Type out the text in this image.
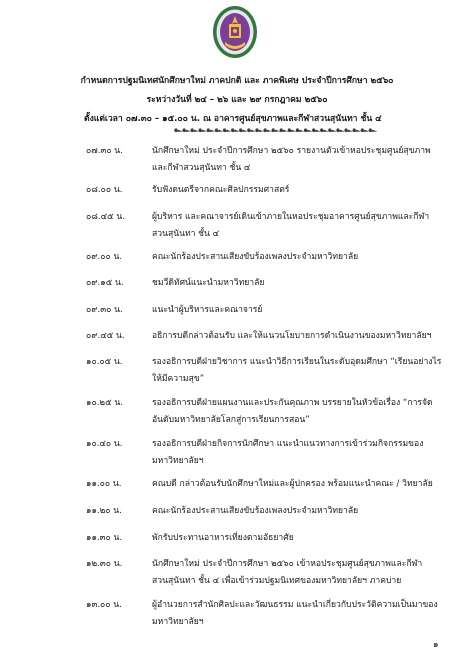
กำหนดการปฐมนิเทศนักศึกษาใหม่ ภาคปกติ และ ภาคพิเศษ ประจำปีการศึกษา ๒๕๖๐
ระหว่างวันที่ ๒๔ – ๒๖ และ ๒๙ กรกฎาคม ๒๕๖๐
ตั้งแต่เวลา ๐๗.๓๐ – ๑๕.๐๐ น. ณ อาคารศูนย์สุขภาพและกีฬาสวนสุนันทา ชั้น ๔
๛๛๛๛๛๛๛๛๛๛๛๛๛๛๛๛๛๛๛๛๛๛๛๛๛
๐๗.๓๐ น.	นักศึกษาใหม่ ประจำปีการศึกษา ๒๕๖๐ รายงานตัวเข้าหอประชุมศูนย์สุขภาพ
และกีฬาสวนสุนันทา ชั้น ๔
๐๘.๐๐ น.	รับฟังดนตรีจากคณะศิลปกรรมศาสตร์
๐๘.๔๕ น.	ผู้บริหาร และคณาจารย์เดินเข้าภายในหอประชุมอาคารศูนย์สุขภาพและกีฬา
สวนสุนันทา ชั้น ๔
๐๙.๐๐ น.	คณะนักร้องประสานเสียงขับร้องเพลงประจำมหาวิทยาลัย
๐๙.๑๕ น.	ชมวีดิทัศน์แนะนำมหาวิทยาลัย
๐๙.๓๐ น.	แนะนำผู้บริหารและคณาจารย์
๐๙.๔๕ น.	อธิการบดีกล่าวต้อนรับ และให้แนวนโยบายการดำเนินงานของมหาวิทยาลัยฯ
๑๐.๐๕ น.	รองอธิการบดีฝ่ายวิชาการ แนะนำวิธีการเรียนในระดับอุดมศึกษา “เรียนอย่างไร
ให้มีความสุข”
๑๐.๒๕ น.	รองอธิการบดีฝ่ายแผนงานและประกันคุณภาพ บรรยายในหัวข้อเรื่อง “การจัด
อันดับมหาวิทยาลัยโลกสู่การเรียนการสอน”
๑๐.๔๐ น.	รองอธิการบดีฝ่ายกิจการนักศึกษา แนะนำแนวทางการเข้าร่วมกิจกรรมของ
มหาวิทยาลัยฯ
๑๑.๐๐ น.	คณบดี กล่าวต้อนรับนักศึกษาใหม่และผู้ปกครอง พร้อมแนะนำคณะ / วิทยาลัย
๑๑.๒๐ น.	คณะนักร้องประสานเสียงขับร้องเพลงประจำมหาวิทยาลัย
๑๑.๓๐ น.	พักรับประทานอาหารเที่ยงตามอัธยาศัย
๑๒.๓๐ น.	นักศึกษาใหม่ ประจำปีการศึกษา ๒๕๖๐ เข้าหอประชุมศูนย์สุขภาพและกีฬา
สวนสุนันทา ชั้น ๔ เพื่อเข้าร่วมปฐมนิเทศของมหาวิทยาลัยฯ ภาคบ่าย
๑๓.๐๐ น.	ผู้อำนวยการสำนักศิลปะและวัฒนธรรม แนะนำเกี่ยวกับประวัติความเป็นมาของ
มหาวิทยาลัยฯ
๑
